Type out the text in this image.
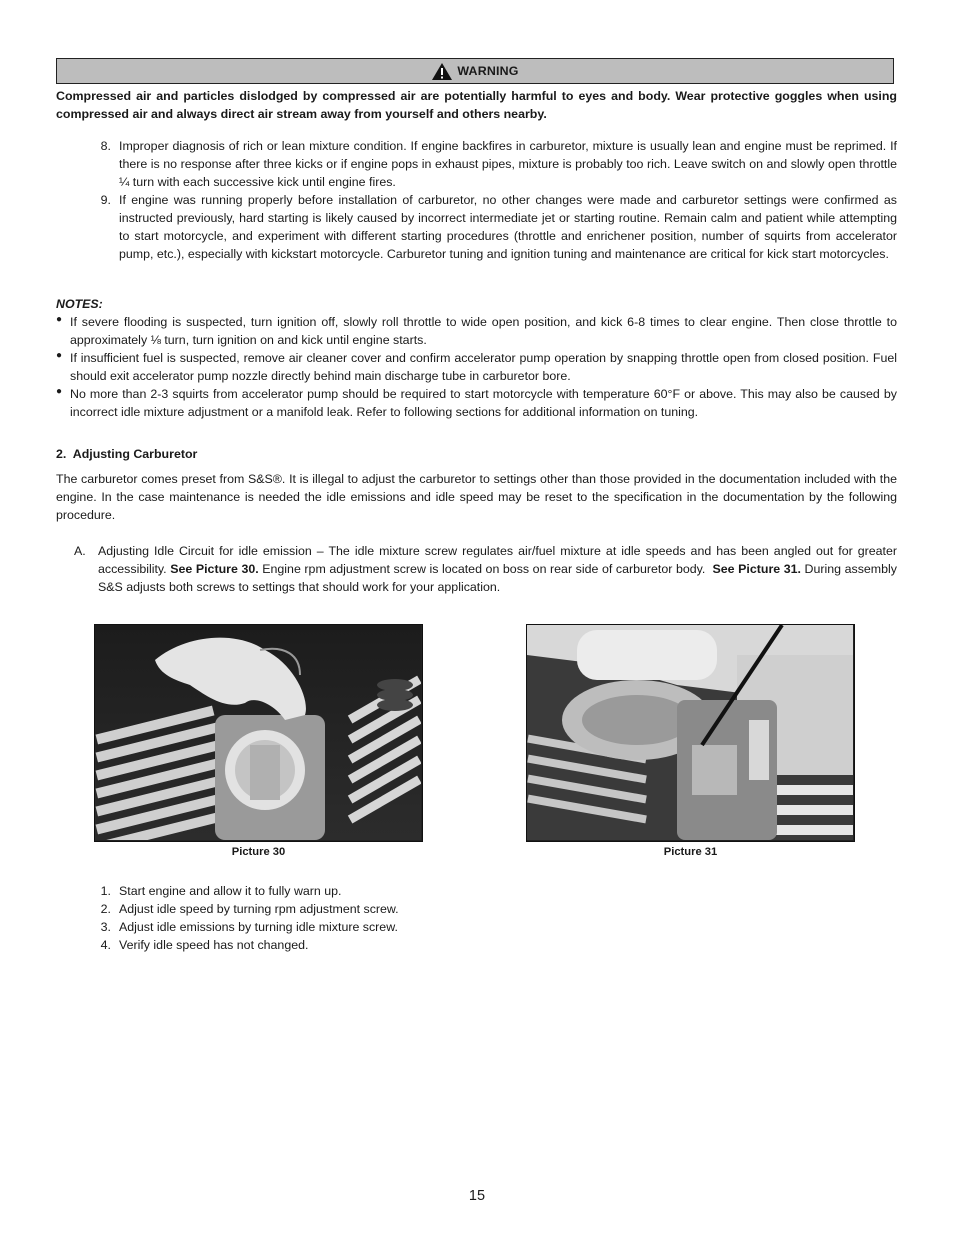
WARNING
Compressed air and particles dislodged by compressed air are potentially harmful to eyes and body. Wear protective goggles when using compressed air and always direct air stream away from yourself and others nearby.
8. Improper diagnosis of rich or lean mixture condition. If engine backfires in carburetor, mixture is usually lean and engine must be reprimed. If there is no response after three kicks or if engine pops in exhaust pipes, mixture is probably too rich. Leave switch on and slowly open throttle ¼ turn with each successive kick until engine fires.
9. If engine was running properly before installation of carburetor, no other changes were made and carburetor settings were confirmed as instructed previously, hard starting is likely caused by incorrect intermediate jet or starting routine. Remain calm and patient while attempting to start motorcycle, and experiment with different starting procedures (throttle and enrichener position, number of squirts from accelerator pump, etc.), especially with kickstart motorcycle. Carburetor tuning and ignition tuning and maintenance are critical for kick start motorcycles.
NOTES:
● If severe flooding is suspected, turn ignition off, slowly roll throttle to wide open position, and kick 6-8 times to clear engine. Then close throttle to approximately ⅛ turn, turn ignition on and kick until engine starts.
● If insufficient fuel is suspected, remove air cleaner cover and confirm accelerator pump operation by snapping throttle open from closed position. Fuel should exit accelerator pump nozzle directly behind main discharge tube in carburetor bore.
● No more than 2-3 squirts from accelerator pump should be required to start motorcycle with temperature 60°F or above. This may also be caused by incorrect idle mixture adjustment or a manifold leak. Refer to following sections for additional information on tuning.
2.  Adjusting Carburetor
The carburetor comes preset from S&S®. It is illegal to adjust the carburetor to settings other than those provided in the documentation included with the engine. In the case maintenance is needed the idle emissions and idle speed may be reset to the specification in the documentation by the following procedure.
A. Adjusting Idle Circuit for idle emission – The idle mixture screw regulates air/fuel mixture at idle speeds and has been angled out for greater accessibility. See Picture 30. Engine rpm adjustment screw is located on boss on rear side of carburetor body.  See Picture 31. During assembly S&S adjusts both screws to settings that should work for your application.
Picture 30	Picture 31
1. Start engine and allow it to fully warn up.
2. Adjust idle speed by turning rpm adjustment screw.
3. Adjust idle emissions by turning idle mixture screw.
4. Verify idle speed has not changed.
15
